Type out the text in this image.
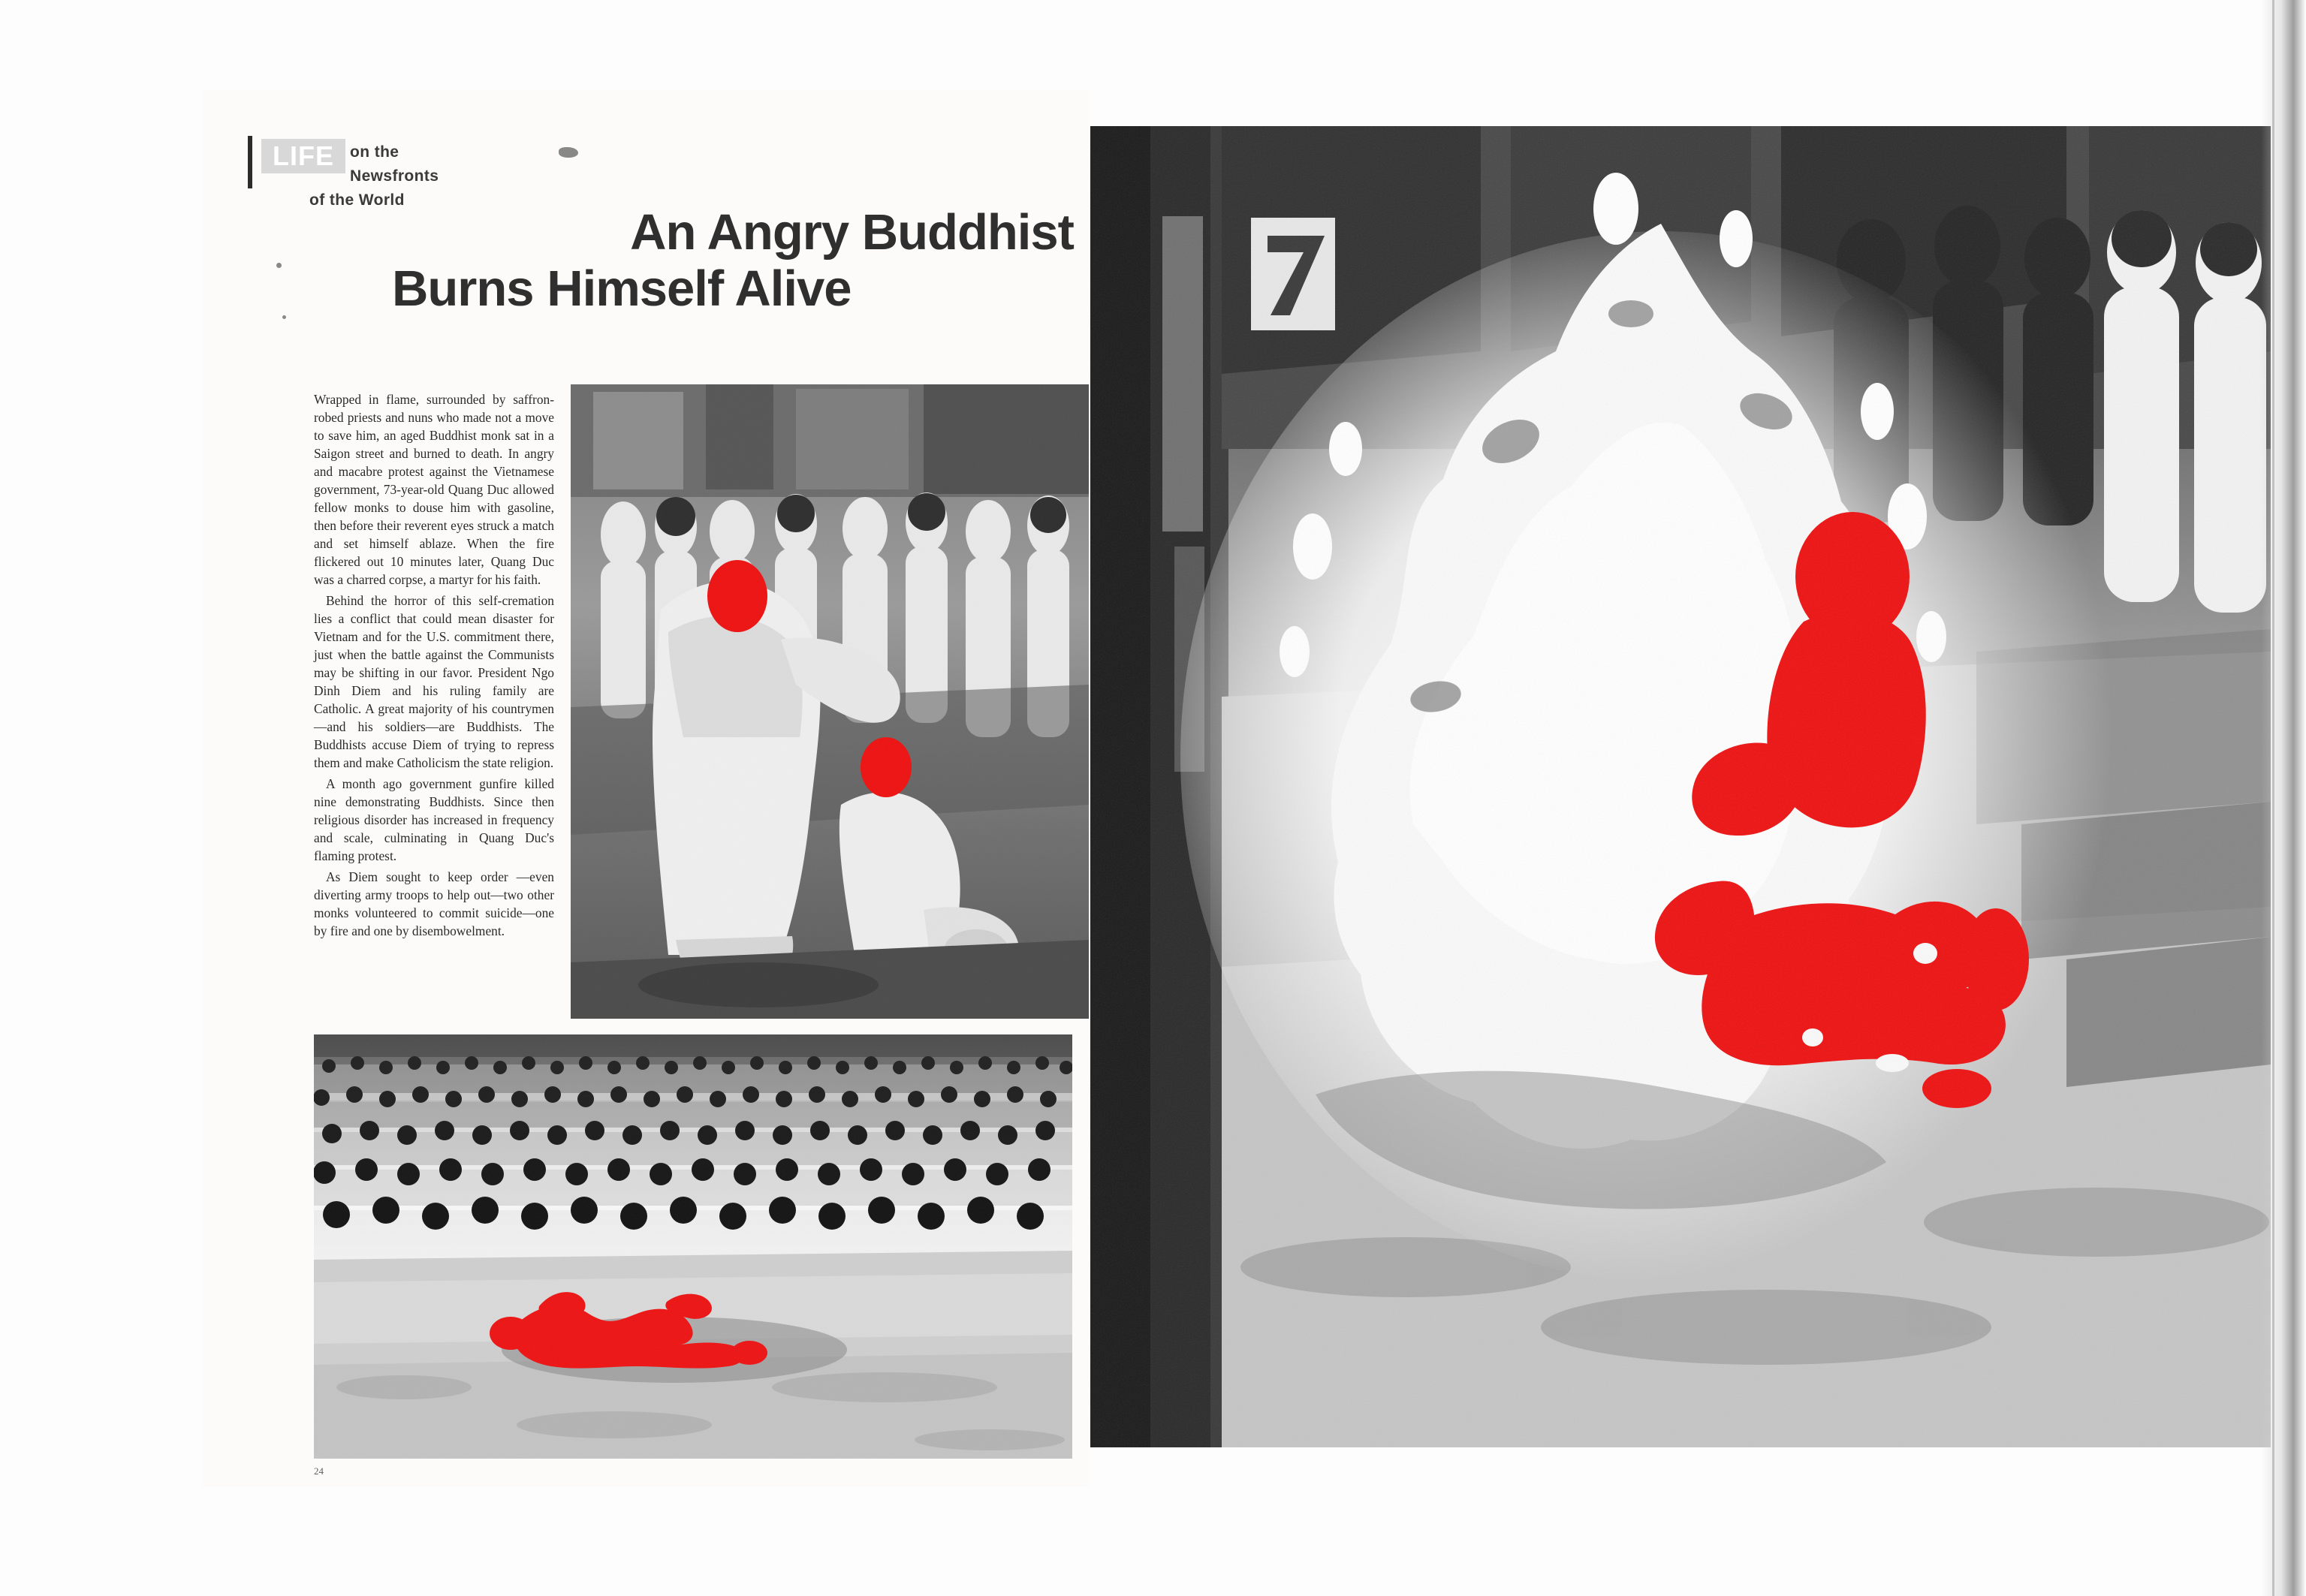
LIFE	on the
Newsfronts
of the World
An Angry Buddhist
Burns Himself Alive

Wrapped in flame, surrounded by saffron-robed priests and nuns who made not a move to save him, an aged Buddhist monk sat in a Saigon street and burned to death. In angry and macabre protest against the Vietnamese government, 73-year-old Quang Duc allowed fellow monks to douse him with gasoline, then before their reverent eyes struck a match and set himself ablaze. When the fire flickered out 10 minutes later, Quang Duc was a charred corpse, a martyr for his faith.

Behind the horror of this self-cremation lies a conflict that could mean disaster for Vietnam and for the U.S. commitment there, just when the battle against the Communists may be shifting in our favor. President Ngo Dinh Diem and his ruling family are Catholic. A great majority of his countrymen —and his soldiers—are Buddhists. The Buddhists accuse Diem of trying to repress them and make Catholicism the state religion.

A month ago government gunfire killed nine demonstrating Buddhists. Since then religious disorder has increased in frequency and scale, culminating in Quang Duc's flaming protest.

As Diem sought to keep order —even diverting army troops to help out—two other monks volunteered to commit suicide—one by fire and one by disembowelment.

24
